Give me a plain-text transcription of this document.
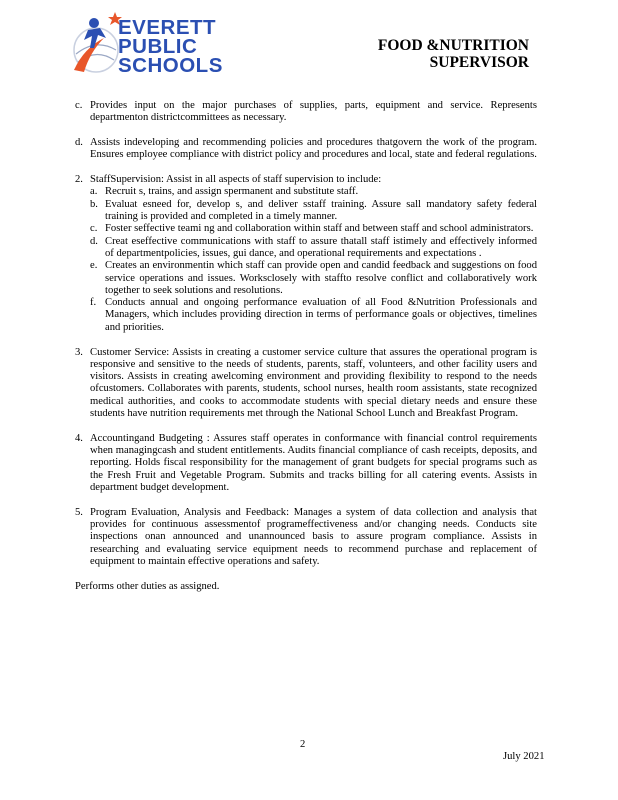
EVERETT
PUBLIC
SCHOOLS
FOOD &NUTRITION
SUPERVISOR
c. Provides input on the major purchases of supplies, parts, equipment and service. Represents departmenton districtcommittees as necessary.
d. Assists indeveloping and recommending policies and procedures thatgovern the work of the program. Ensures employee compliance with district policy and procedures and local, state and federal regulations.
2. StaffSupervision: Assist in all aspects of staff supervision to include:
a. Recruit s, trains, and assign spermanent and substitute staff.
b. Evaluat esneed for, develop s, and deliver sstaff training. Assure sall mandatory safety federal training is provided and completed in a timely manner.
c. Foster seffective teami ng and collaboration within staff and between staff and school administrators.
d. Creat eseffective communications with staff to assure thatall staff istimely and effectively informed of departmentpolicies, issues, gui dance, and operational requirements and expectations .
e. Creates an environmentin which staff can provide open and candid feedback and suggestions on food service operations and issues. Worksclosely with staffto resolve conflict and collaboratively work together to seek solutions and resolutions.
f. Conducts annual and ongoing performance evaluation of all Food &Nutrition Professionals and Managers, which includes providing direction in terms of performance goals or objectives, timelines and priorities.
3. Customer Service: Assists in creating a customer service culture that assures the operational program is responsive and sensitive to the needs of students, parents, staff, volunteers, and other facility users and visitors. Assists in creating awelcoming environment and providing flexibility to respond to the needs ofcustomers. Collaborates with parents, students, school nurses, health room assistants, state recognized medical authorities, and cooks to accommodate students with special dietary needs and ensure these students have nutrition requirements met through the National School Lunch and Breakfast Program.
4. Accountingand Budgeting : Assures staff operates in conformance with financial control requirements when managingcash and student entitlements. Audits financial compliance of cash receipts, deposits, and reporting. Holds fiscal responsibility for the management of grant budgets for special programs such as the Fresh Fruit and Vegetable Program. Submits and tracks billing for all catering events. Assists in department budget development.
5. Program Evaluation, Analysis and Feedback: Manages a system of data collection and analysis that provides for continuous assessmentof programeffectiveness and/or changing needs. Conducts site inspections onan announced and unannounced basis to assure program compliance. Assists in researching and evaluating service equipment needs to recommend purchase and replacement of equipment to maintain effective operations and safety.

Performs other duties as assigned.

2
July 2021
